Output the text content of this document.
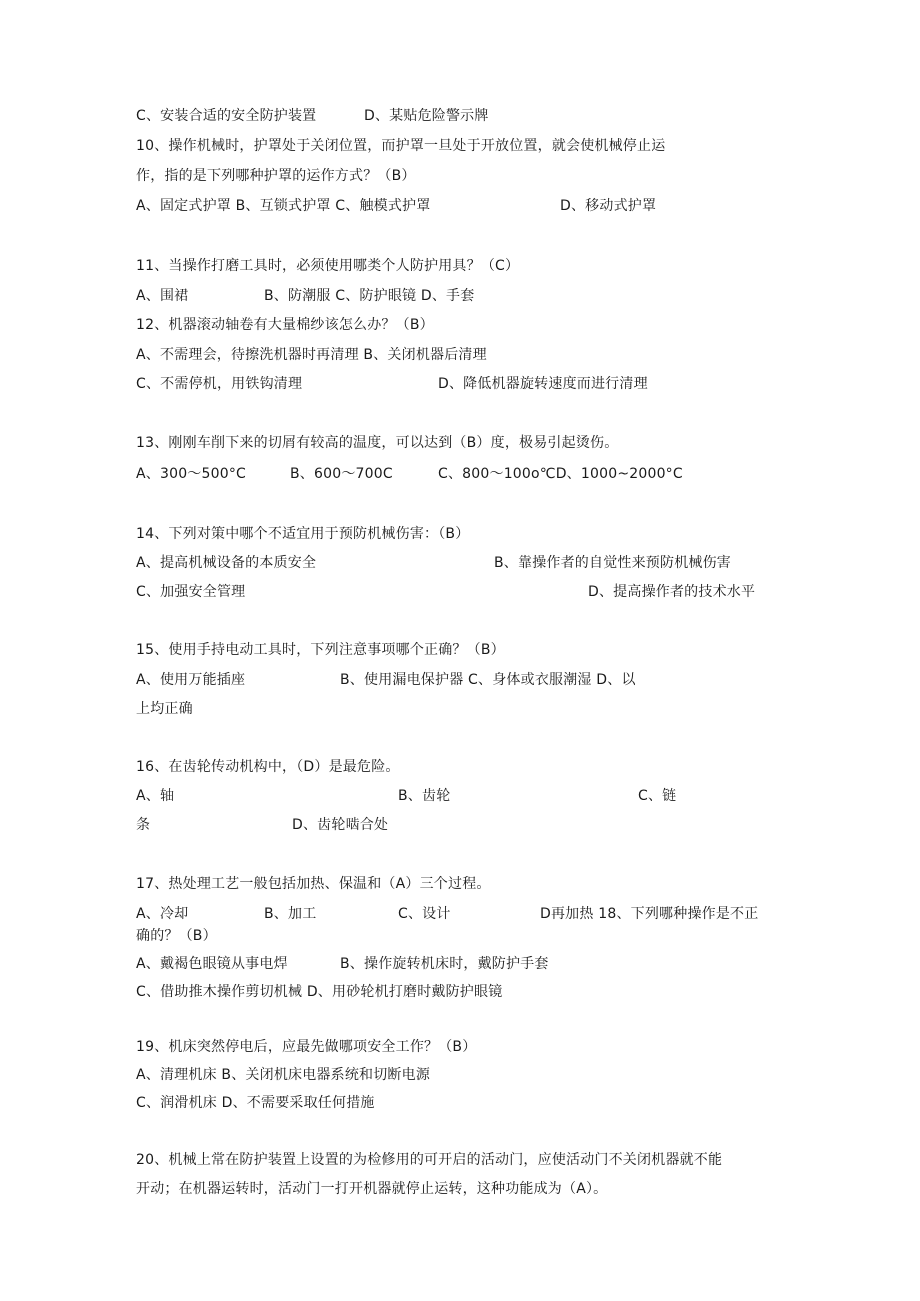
C、安装合适的安全防护装置

	D、某贴危险警示牌

10、操作机械时，护罩处于关闭位置，而护罩一旦处于开放位置，就会使机械停止运
作，指的是下列哪种护罩的运作方式？（B）

A、固定式护罩 B、互锁式护罩 C、触模式护罩

	D、移动式护罩

11、当操作打磨工具时，必须使用哪类个人防护用具？（C）

A、围裙

	B、防潮服 C、防护眼镜 D、手套

12、机器滚动轴卷有大量棉纱该怎么办？（B）
A、不需理会，待擦洗机器时再清理 B、关闭机器后清理

C、不需停机，用铁钩清理

	D、降低机器旋转速度而进行清理

13、刚刚车削下来的切屑有较高的温度，可以达到（B）度，极易引起烫伤。

A、300～500°C

	B、600～700C

	C、800～100o℃D、1000~2000°C

14、下列对策中哪个不适宜用于预防机械伤害：（B）

A、提高机械设备的本质安全

	B、靠操作者的自觉性来预防机械伤害

C、加强安全管理

	D、提高操作者的技术水平

15、使用手持电动工具时，下列注意事项哪个正确？（B）

A、使用万能插座

	B、使用漏电保护器 C、身体或衣服潮湿 D、以

上均正确
16、在齿轮传动机构中，（D）是最危险。

A、轴

	B、齿轮

	C、链

条

	D、齿轮啮合处

17、热处理工艺一般包括加热、保温和（A）三个过程。

A、冷却

	B、加工

	C、设计

	D再加热 18、下列哪种操作是不正

确的？（B）

A、戴褐色眼镜从事电焊

	B、操作旋转机床时，戴防护手套

C、借助推木操作剪切机械 D、用砂轮机打磨时戴防护眼镜
19、机床突然停电后，应最先做哪项安全工作？（B）
A、清理机床 B、关闭机床电器系统和切断电源
C、润滑机床 D、不需要采取任何措施
20、机械上常在防护装置上设置的为检修用的可开启的活动门，应使活动门不关闭机器就不能
开动；在机器运转时，活动门一打开机器就停止运转，这种功能成为（A）。
